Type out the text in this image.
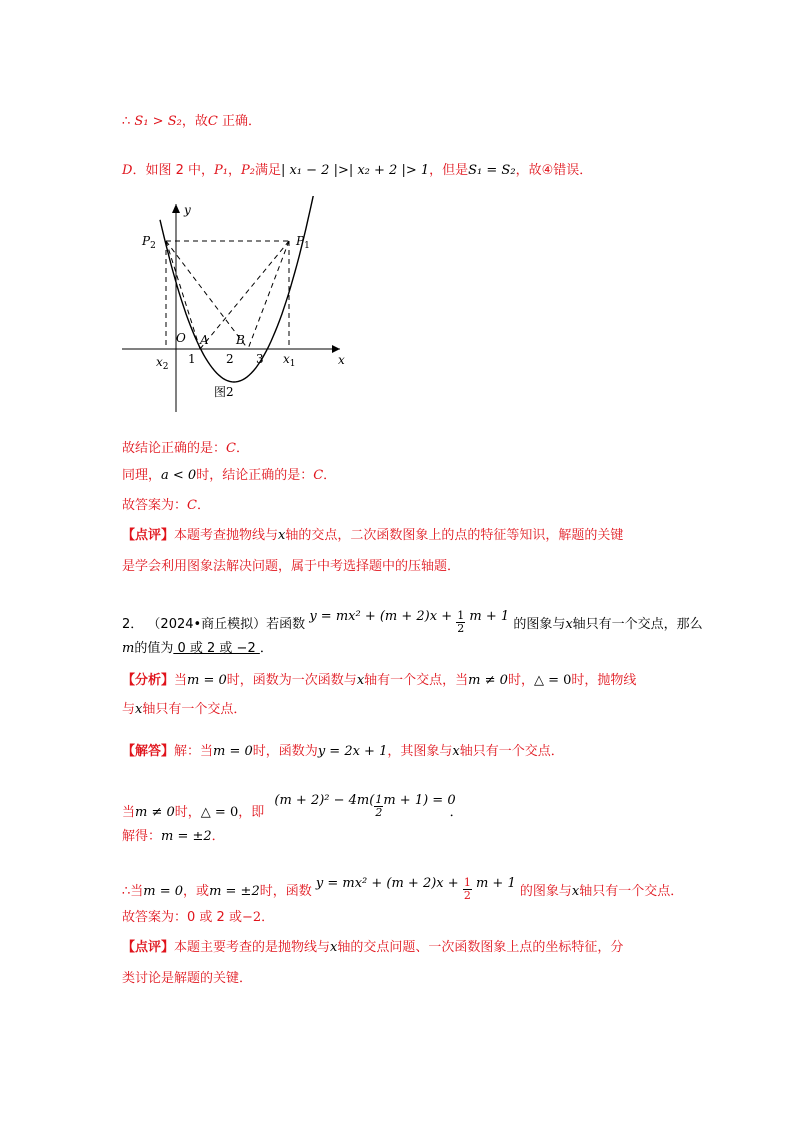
∴ S₁ > S₂，故C 正确．
D．如图 2 中，P₁，P₂满足| x₁ − 2 |>| x₂ + 2 |> 1，但是S₁ = S₂，故④错误．
y
x
O A B
$P_2$	$P_1$
1	2 3
$x_2$
$x_1$
图2
故结论正确的是：C．
同理，a < 0时，结论正确的是：C．
故答案为：C．
【点评】本题考查抛物线与x轴的交点，二次函数图象上的点的特征等知识，解题的关键
是学会利用图象法解决问题，属于中考选择题中的压轴题．
2． （2024•商丘模拟）若函数 $y = mx^2 + (m + 2)x + \frac{1}{2}$ m + 1 的图象与x轴只有一个交点，那么
m的值为 0 或 2 或 −2 ．
【分析】当m = 0时，函数为一次函数与x轴有一个交点，当m ≠ 0时，△ = 0时，抛物线
与x轴只有一个交点．
【解答】解：当m = 0时，函数为y = 2x + 1，其图象与x轴只有一个交点．
当m ≠ 0时，△ = 0，即 $(m + 2)^2 - 4m( \frac{1}{2}$ m + 1) = 0．
解得：m = ±2．
∴当m = 0，或m = ±2时，函数 $y = mx^2 + (m + 2)x + \frac{1}{2}$ m + 1 的图象与x轴只有一个交点．
故答案为：0 或 2 或−2．
【点评】本题主要考查的是抛物线与x轴的交点问题、一次函数图象上点的坐标特征，分
类讨论是解题的关键．
